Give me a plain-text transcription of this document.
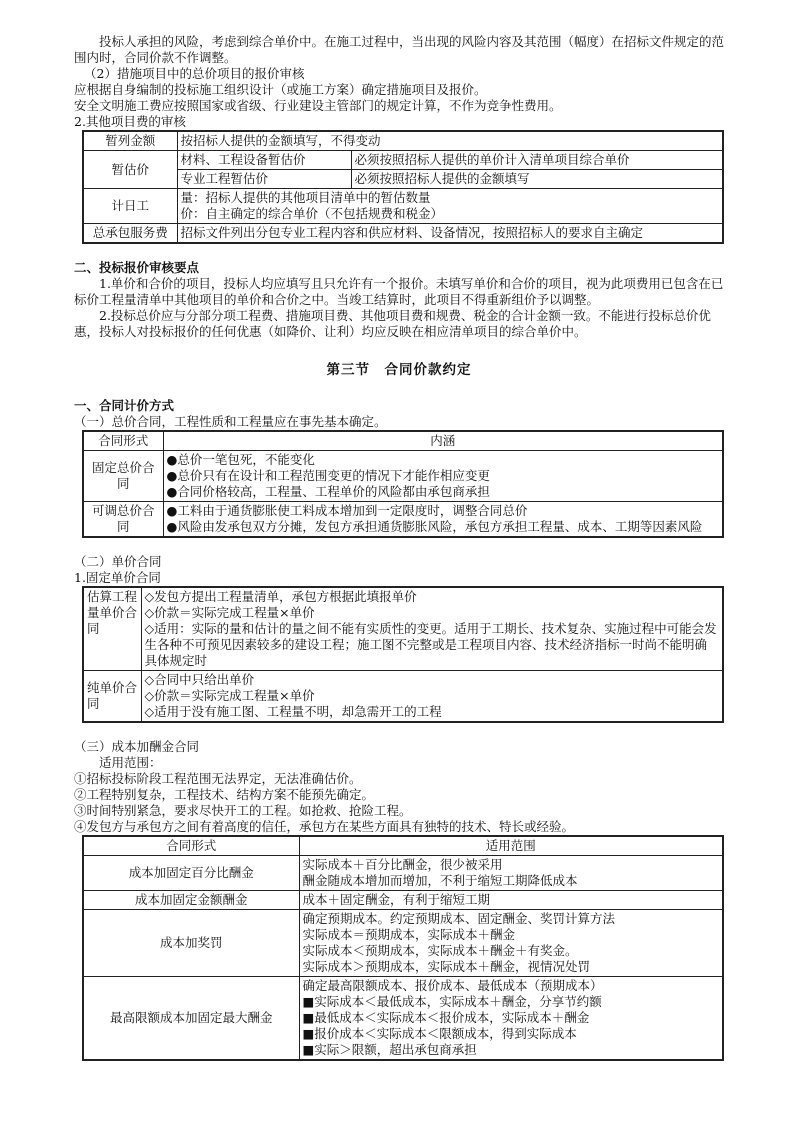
投标人承担的风险，考虑到综合单价中。在施工过程中，当出现的风险内容及其范围（幅度）在招标文件规定的范围内时，合同价款不作调整。

（2）措施项目中的总价项目的报价审核

应根据自身编制的投标施工组织设计（或施工方案）确定措施项目及报价。

安全文明施工费应按照国家或省级、行业建设主管部门的规定计算，不作为竞争性费用。

2.其他项目费的审核

暂列金额	按招标人提供的金额填写，不得变动	
暂估价	材料、工程设备暂估价	必须按照招标人提供的单价计入清单项目综合单价
	专业工程暂估价	必须按照招标人提供的金额填写
计日工	量：招标人提供的其他项目清单中的暂估数量
价：自主确定的综合单价（不包括规费和税金）	

总承包服务费	招标文件列出分包专业工程内容和供应材料、设备情况，按照招标人的要求自主确定	

二、投标报价审核要点

1.单价和合价的项目，投标人均应填写且只允许有一个报价。未填写单价和合价的项目，视为此项费用已包含在已标价工程量清单中其他项目的单价和合价之中。当竣工结算时，此项目不得重新组价予以调整。

2.投标总价应与分部分项工程费、措施项目费、其他项目费和规费、税金的合计金额一致。不能进行投标总价优惠，投标人对投标报价的任何优惠（如降价、让利）均应反映在相应清单项目的综合单价中。

第三节　合同价款约定

一、合同计价方式

（一）总价合同，工程性质和工程量应在事先基本确定。

合同形式	内涵
固定总价合同	●总价一笔包死，不能变化
●总价只有在设计和工程范围变更的情况下才能作相应变更
●合同价格较高，工程量、工程单价的风险都由承包商承担

可调总价合同	●工料由于通货膨胀使工料成本增加到一定限度时，调整合同总价
●风险由发承包双方分摊，发包方承担通货膨胀风险，承包方承担工程量、成本、工期等因素风险

（二）单价合同

1.固定单价合同

估算工程量单价合同	◇发包方提出工程量清单，承包方根据此填报单价
◇价款＝实际完成工程量×单价
◇适用：实际的量和估计的量之间不能有实质性的变更。适用于工期长、技术复杂、实施过程中可能会发生各种不可预见因素较多的建设工程；施工图不完整或是工程项目内容、技术经济指标一时尚不能明确具体规定时

纯单价合同	◇合同中只给出单价
◇价款＝实际完成工程量×单价
◇适用于没有施工图、工程量不明，却急需开工的工程

（三）成本加酬金合同

适用范围：

①招标投标阶段工程范围无法界定，无法准确估价。

②工程特别复杂，工程技术、结构方案不能预先确定。

③时间特别紧急，要求尽快开工的工程。如抢救、抢险工程。

④发包方与承包方之间有着高度的信任，承包方在某些方面具有独特的技术、特长或经验。

合同形式	适用范围
成本加固定百分比酬金	实际成本＋百分比酬金，很少被采用
酬金随成本增加而增加，不利于缩短工期降低成本

成本加固定金额酬金	成本＋固定酬金，有利于缩短工期

成本加奖罚	确定预期成本。约定预期成本、固定酬金、奖罚计算方法
实际成本＝预期成本，实际成本＋酬金
实际成本＜预期成本，实际成本＋酬金＋有奖金。
实际成本＞预期成本，实际成本＋酬金，视情况处罚

最高限额成本加固定最大酬金	确定最高限额成本、报价成本、最低成本（预期成本）
■实际成本＜最低成本，实际成本＋酬金，分享节约额
■最低成本＜实际成本＜报价成本，实际成本＋酬金
■报价成本＜实际成本＜限额成本，得到实际成本
■实际＞限额，超出承包商承担
